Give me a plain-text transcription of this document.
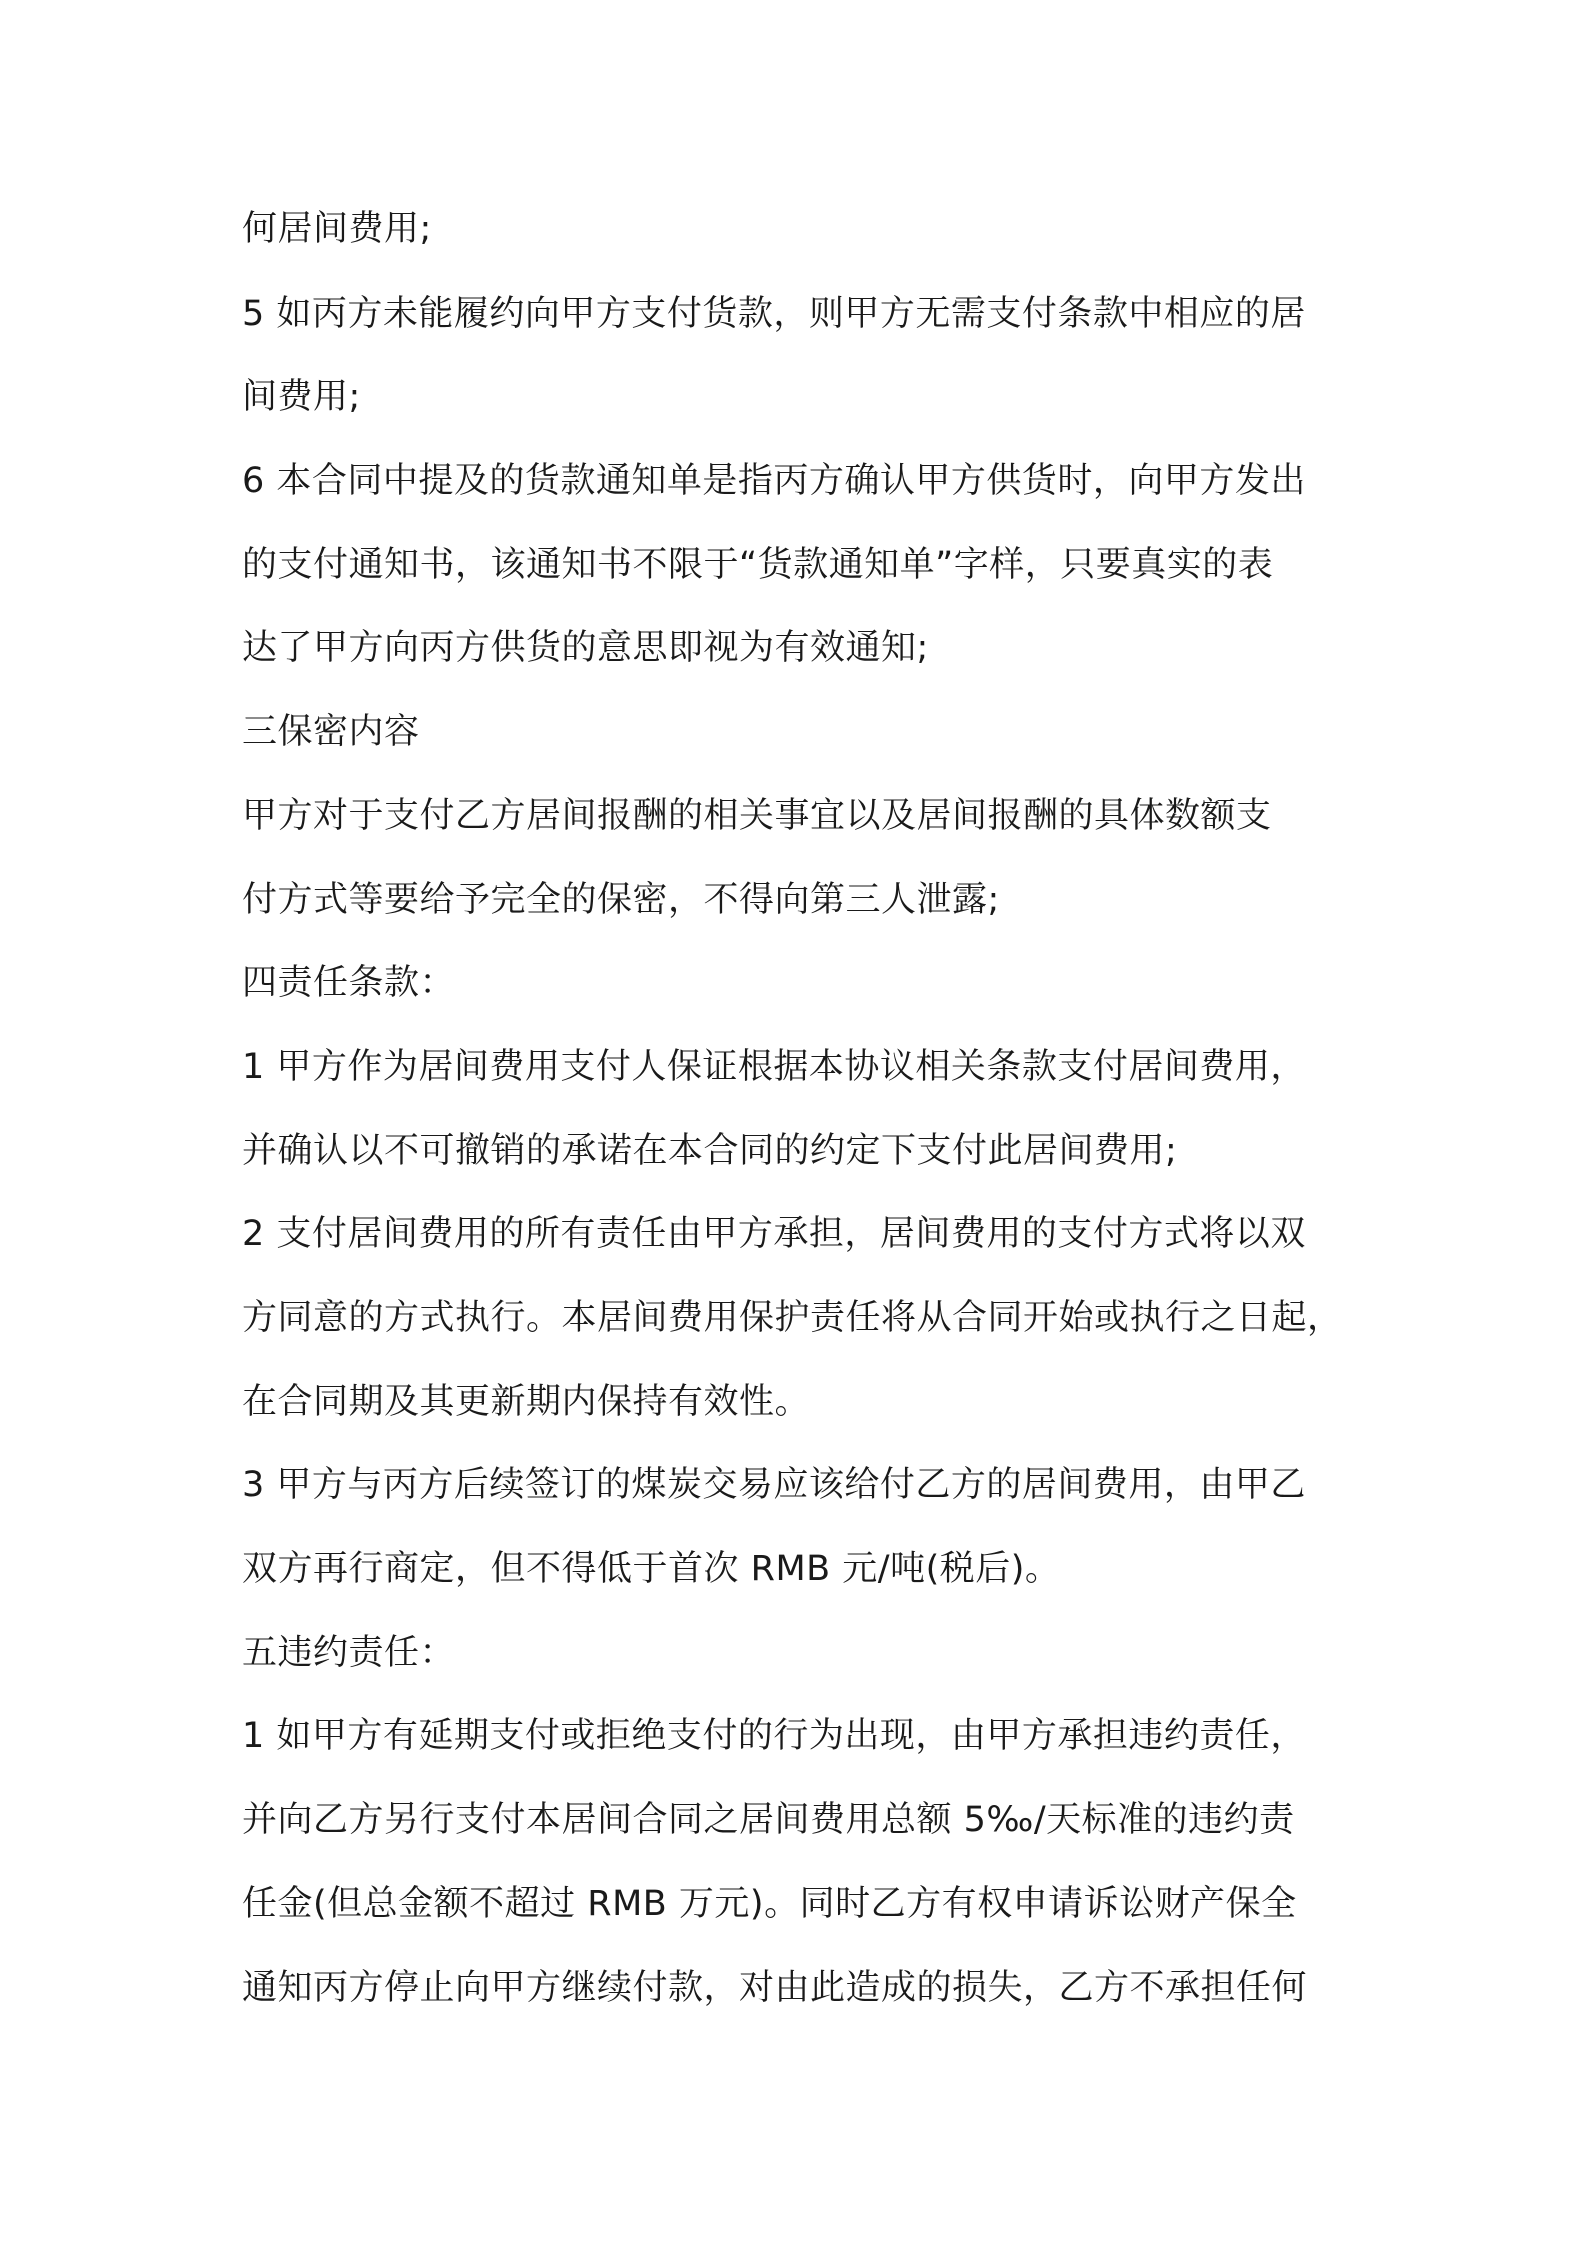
何居间费用;
5 如丙方未能履约向甲方支付货款，则甲方无需支付条款中相应的居
间费用;
6 本合同中提及的货款通知单是指丙方确认甲方供货时，向甲方发出
的支付通知书，该通知书不限于“货款通知单”字样，只要真实的表
达了甲方向丙方供货的意思即视为有效通知;
三保密内容
甲方对于支付乙方居间报酬的相关事宜以及居间报酬的具体数额支
付方式等要给予完全的保密，不得向第三人泄露;
四责任条款：
1 甲方作为居间费用支付人保证根据本协议相关条款支付居间费用，
并确认以不可撤销的承诺在本合同的约定下支付此居间费用;
2 支付居间费用的所有责任由甲方承担，居间费用的支付方式将以双
方同意的方式执行。本居间费用保护责任将从合同开始或执行之日起，
在合同期及其更新期内保持有效性。
3 甲方与丙方后续签订的煤炭交易应该给付乙方的居间费用，由甲乙
双方再行商定，但不得低于首次 RMB 元/吨(税后)。
五违约责任：
1 如甲方有延期支付或拒绝支付的行为出现，由甲方承担违约责任，
并向乙方另行支付本居间合同之居间费用总额 5‰/天标准的违约责
任金(但总金额不超过 RMB 万元)。同时乙方有权申请诉讼财产保全
通知丙方停止向甲方继续付款，对由此造成的损失，乙方不承担任何
